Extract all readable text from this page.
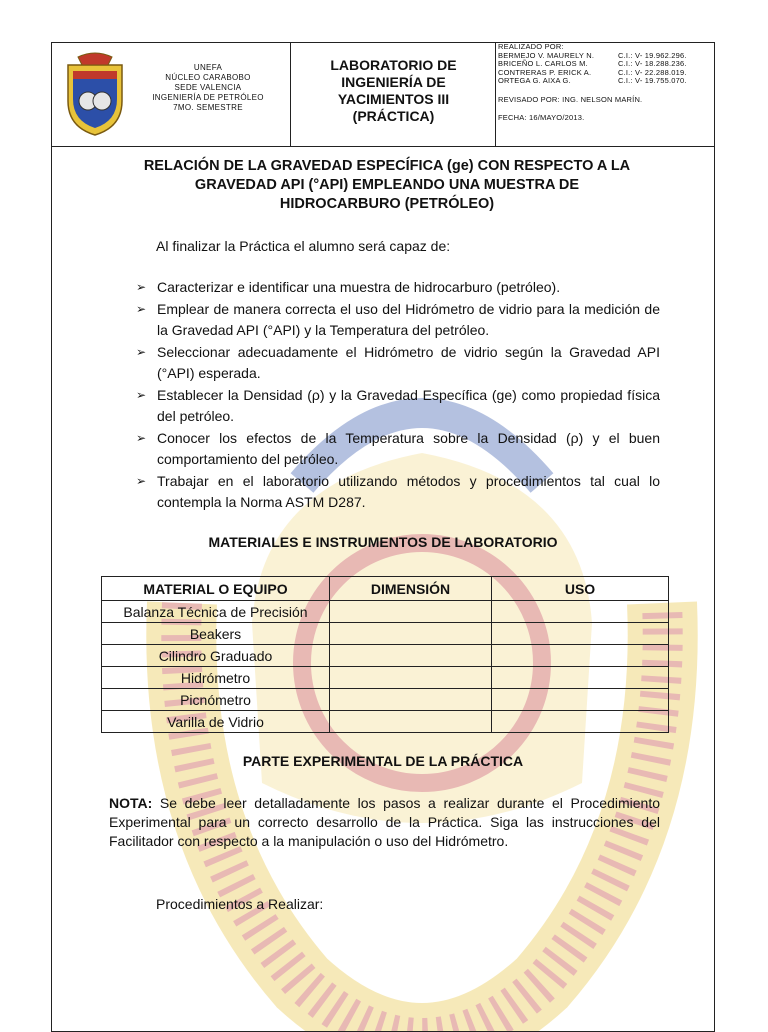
UNEFA
NÚCLEO CARABOBO
SEDE VALENCIA
INGENIERÍA DE PETRÓLEO
7MO. SEMESTRE
LABORATORIO DE
INGENIERÍA DE
YACIMIENTOS III
(PRÁCTICA)
REALIZADO POR:
BERMEJO V. MAURELY N.	C.I.: V- 19.962.296.
BRICEÑO L. CARLOS M.	C.I.: V- 18.288.236.
CONTRERAS P. ERICK A.	C.I.: V- 22.288.019.
ORTEGA G. AIXA G.	C.I.: V- 19.755.070.
REVISADO POR: ING. NELSON MARÍN.
FECHA: 16/MAYO/2013.
RELACIÓN DE LA GRAVEDAD ESPECÍFICA (ge) CON RESPECTO A LA
GRAVEDAD API (°API) EMPLEANDO UNA MUESTRA DE
HIDROCARBURO (PETRÓLEO)
Al finalizar la Práctica el alumno será capaz de:
➢ Caracterizar e identificar una muestra de hidrocarburo (petróleo).
➢ Emplear de manera correcta el uso del Hidrómetro de vidrio para la medición de la Gravedad API (°API) y la Temperatura del petróleo.
➢ Seleccionar adecuadamente el Hidrómetro de vidrio según la Gravedad API (°API) esperada.
➢ Establecer la Densidad (ρ) y la Gravedad Específica (ge) como propiedad física del petróleo.
➢ Conocer los efectos de la Temperatura sobre la Densidad (ρ) y el buen comportamiento del petróleo.
➢ Trabajar en el laboratorio utilizando métodos y procedimientos tal cual lo contempla la Norma ASTM D287.
MATERIALES E INSTRUMENTOS DE LABORATORIO
MATERIAL O EQUIPO	DIMENSIÓN	USO
Balanza Técnica de Precisión		
Beakers		
Cilindro Graduado		
Hidrómetro		
Picnómetro		
Varilla de Vidrio		
PARTE EXPERIMENTAL DE LA PRÁCTICA
NOTA: Se debe leer detalladamente los pasos a realizar durante el Procedimiento Experimental para un correcto desarrollo de la Práctica. Siga las instrucciones del Facilitador con respecto a la manipulación o uso del Hidrómetro.
Procedimientos a Realizar:
